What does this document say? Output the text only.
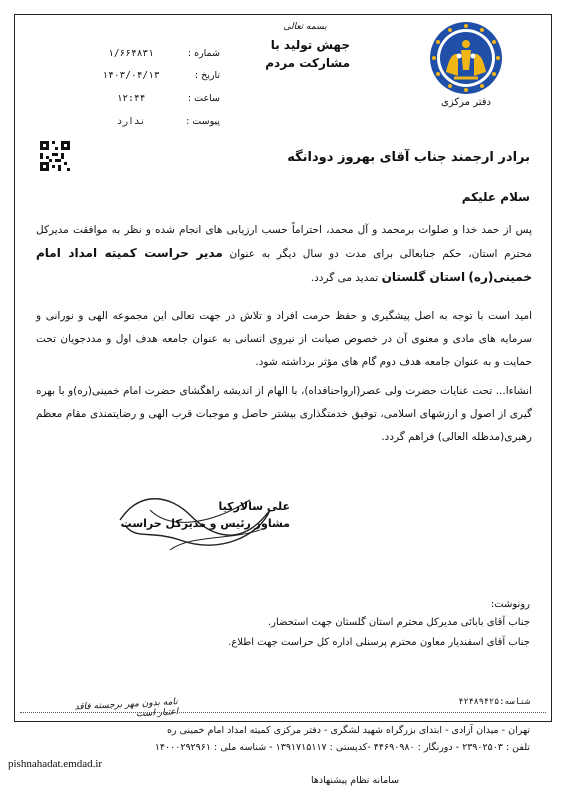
دفتر مرکزی
بسمه تعالی
جهش تولید با
مشارکت مردم
شماره :
۱/۶۶۴۸۳۱
تاریخ :
۱۴۰۳/۰۴/۱۳
ساعت :
۱۲:۴۴
پیوست :
ندارد
برادر ارجمند جناب آقای بهروز دودانگه
سلام علیکم
پس از حمد خدا و صلوات برمحمد و آل محمد، احتراماً حسب ارزیابی های انجام شده و نظر به موافقت مدیرکل محترم استان، حکم جنابعالی برای مدت دو سال دیگر به عنوان مدیر حراست کمیته امداد امام خمینی(ره) استان گلستان تمدید می گردد.
امید است با توجه به اصل پیشگیری و حفظ حرمت افراد و تلاش در جهت تعالی این مجموعه الهی و نورانی و سرمایه های مادی و معنوی آن در خصوص صیانت از نیروی انسانی به عنوان جامعه هدف اول و مددجویان تحت حمایت و به عنوان جامعه هدف دوم گام های مؤثر برداشته شود.
انشاءا... تحت عنایات حضرت ولی عصر(ارواحنافداه)، با الهام از اندیشه راهگشای حضرت امام خمینی(ره)و با بهره گیری از اصول و ارزشهای اسلامی، توفیق خدمتگذاری بیشتر حاصل و موجبات قرب الهی و رضایتمندی مقام معظم رهبری(مدظله العالی) فراهم گردد.
علی سالارکیا
مشاور رئیس و مدیرکل حراست
رونوشت:
جناب آقای بابائی مدیرکل محترم استان گلستان جهت استحضار.
جناب آقای اسفندیار معاون محترم پرسنلی اداره کل حراست جهت اطلاع.
نامه بدون مهر برجسته فاقد اعتبار است
شناسه:۴۲۴۸۹۴۲۵
تهران - میدان آزادی - ابتدای بزرگراه شهید لشگری - دفتر مرکزی کمیته امداد امام خمینی ره
تلفن : ۲۳۹۰۲۵۰۳ - دورنگار : ۴۴۶۹۰۹۸۰ -کدپستی : ۱۳۹۱۷۱۵۱۱۷ - شناسه ملی : ۱۴۰۰۰۲۹۲۹۶۱
pishnahadat.emdad.ir
سامانه نظام پیشنهادها
